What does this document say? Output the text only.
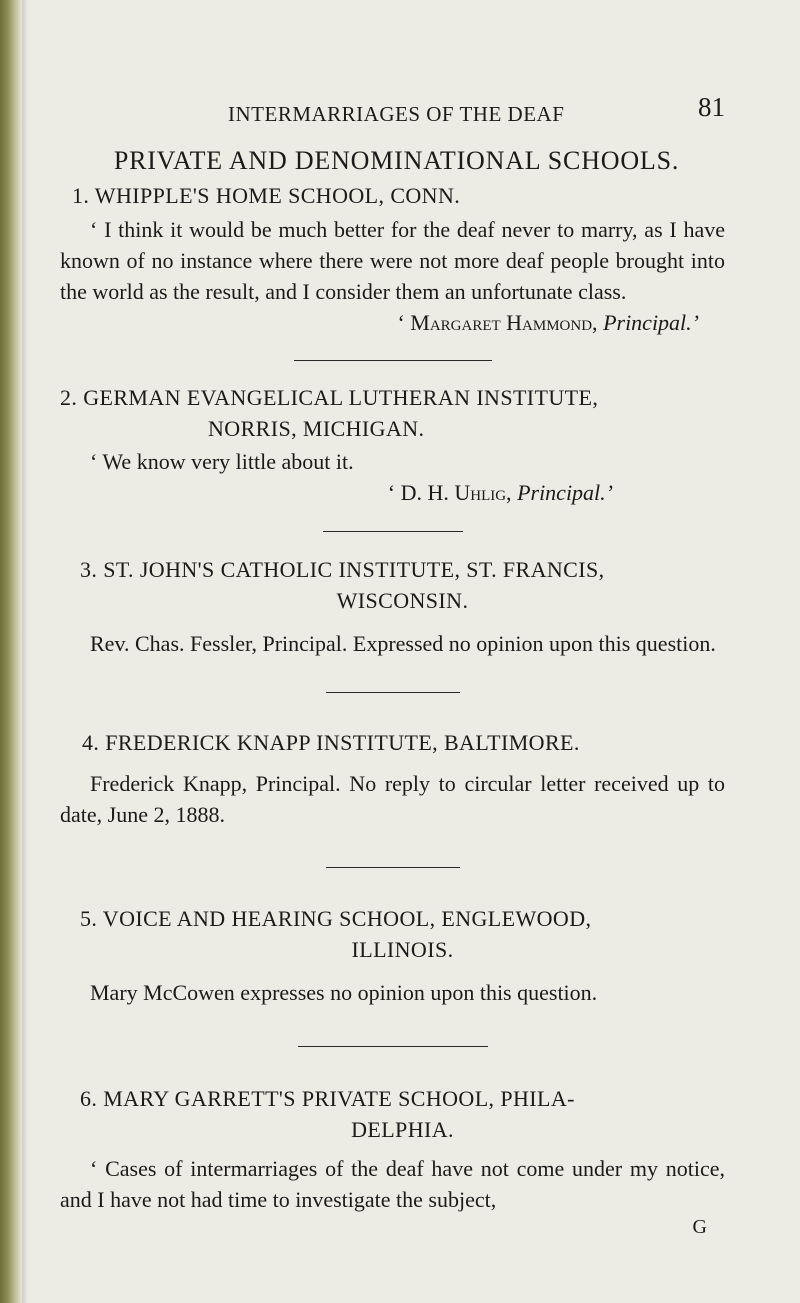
INTERMARRIAGES OF THE DEAF	81
PRIVATE AND DENOMINATIONAL SCHOOLS.
1. WHIPPLE'S HOME SCHOOL, CONN.

‘ I think it would be much better for the deaf never to marry, as I have known of no instance where there were not more deaf people brought into the world as the result, and I consider them an unfortunate class.

‘ Margaret Hammond, Principal.’
2. GERMAN EVANGELICAL LUTHERAN INSTITUTE,
NORRIS, MICHIGAN.

‘ We know very little about it.

‘ D. H. Uhlig, Principal.’
3. ST. JOHN'S CATHOLIC INSTITUTE, ST. FRANCIS,
WISCONSIN.

Rev. Chas. Fessler, Principal. Expressed no opinion upon this question.

4. FREDERICK KNAPP INSTITUTE, BALTIMORE.

Frederick Knapp, Principal. No reply to circular letter received up to date, June 2, 1888.

5. VOICE AND HEARING SCHOOL, ENGLEWOOD,
ILLINOIS.

Mary McCowen expresses no opinion upon this question.

6. MARY GARRETT'S PRIVATE SCHOOL, PHILA-
DELPHIA.

‘ Cases of intermarriages of the deaf have not come under my notice, and I have not had time to investigate the subject,

G
